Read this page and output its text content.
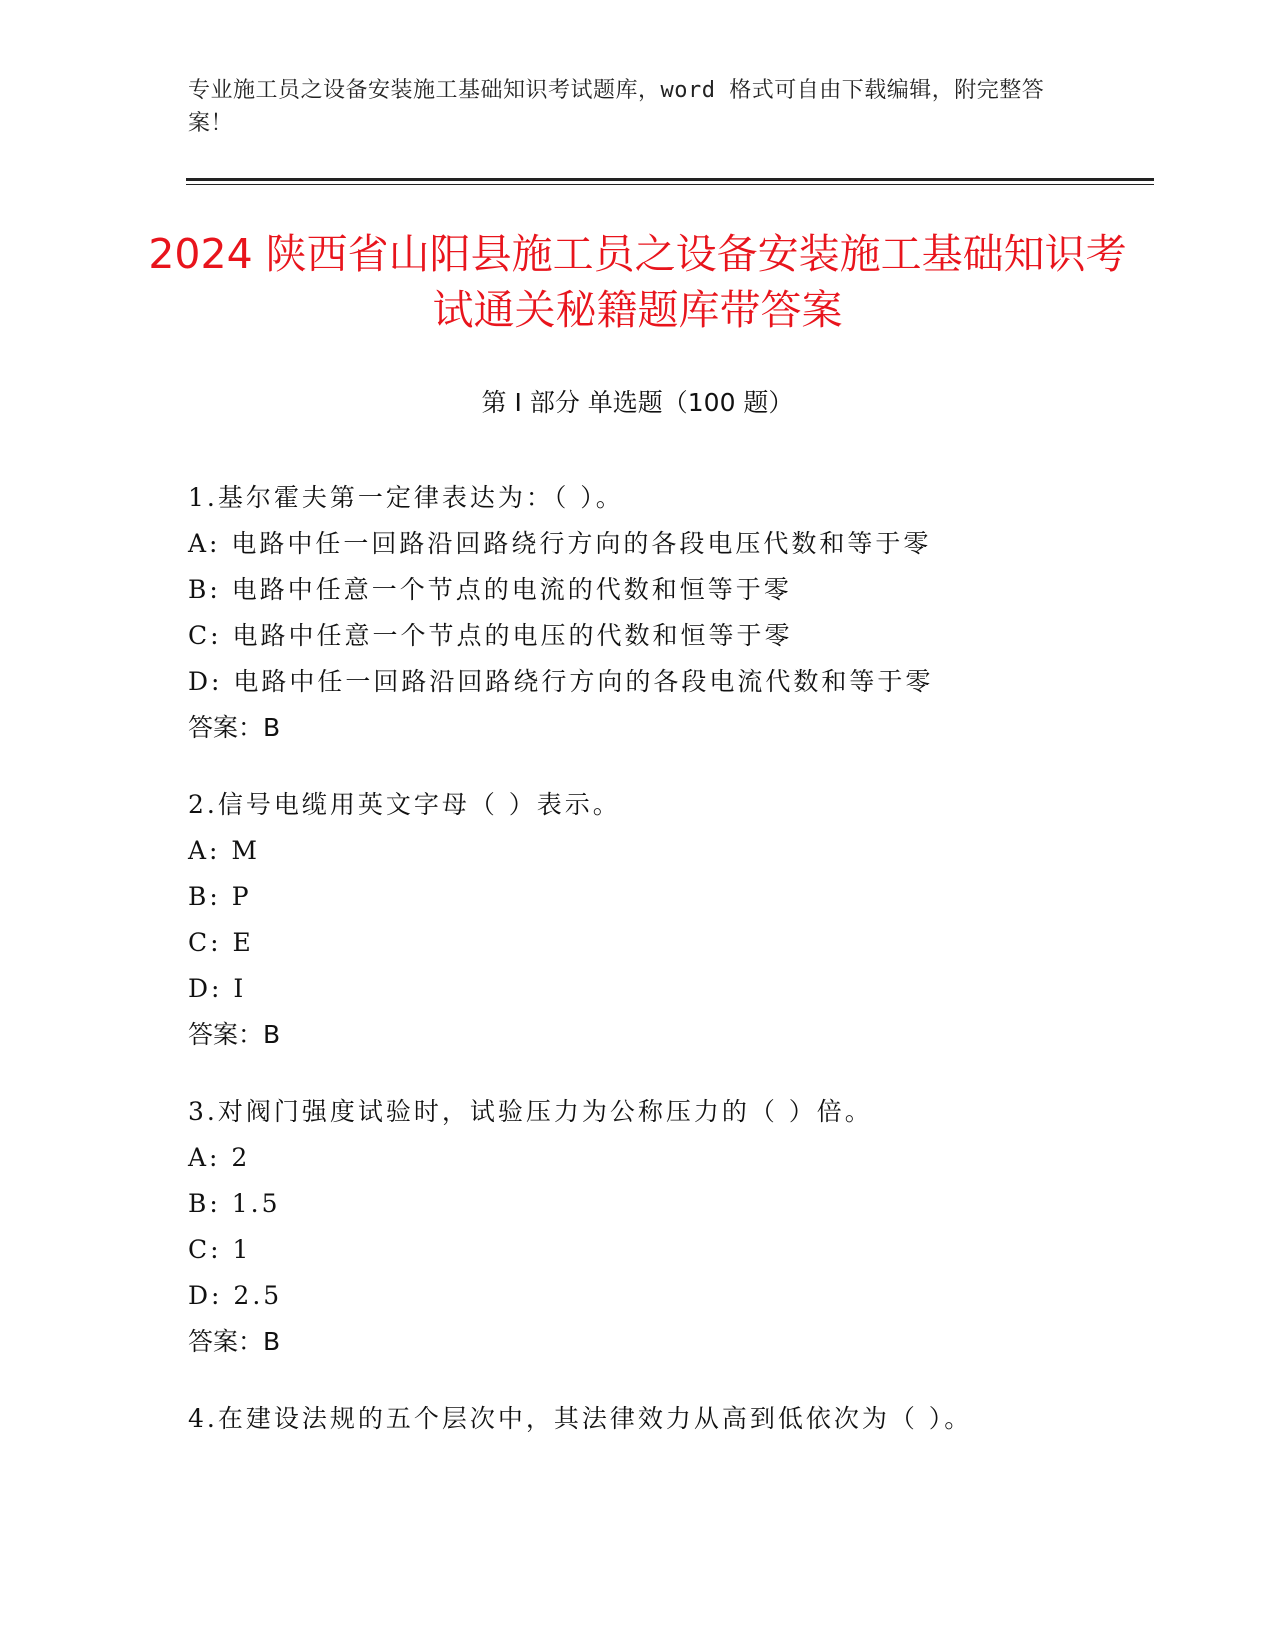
专业施工员之设备安装施工基础知识考试题库，word 格式可自由下载编辑，附完整答案！
2024 陕西省山阳县施工员之设备安装施工基础知识考试通关秘籍题库带答案
第 I 部分 单选题（100 题）
1.基尔霍夫第一定律表达为：（ ）。
A: 电路中任一回路沿回路绕行方向的各段电压代数和等于零
B: 电路中任意一个节点的电流的代数和恒等于零
C: 电路中任意一个节点的电压的代数和恒等于零
D: 电路中任一回路沿回路绕行方向的各段电流代数和等于零
答案：B
2.信号电缆用英文字母（ ）表示。
A: M
B: P
C: E
D: I
答案：B
3.对阀门强度试验时，试验压力为公称压力的（ ）倍。
A: 2
B: 1.5
C: 1
D: 2.5
答案：B
4.在建设法规的五个层次中，其法律效力从高到低依次为（ ）。
